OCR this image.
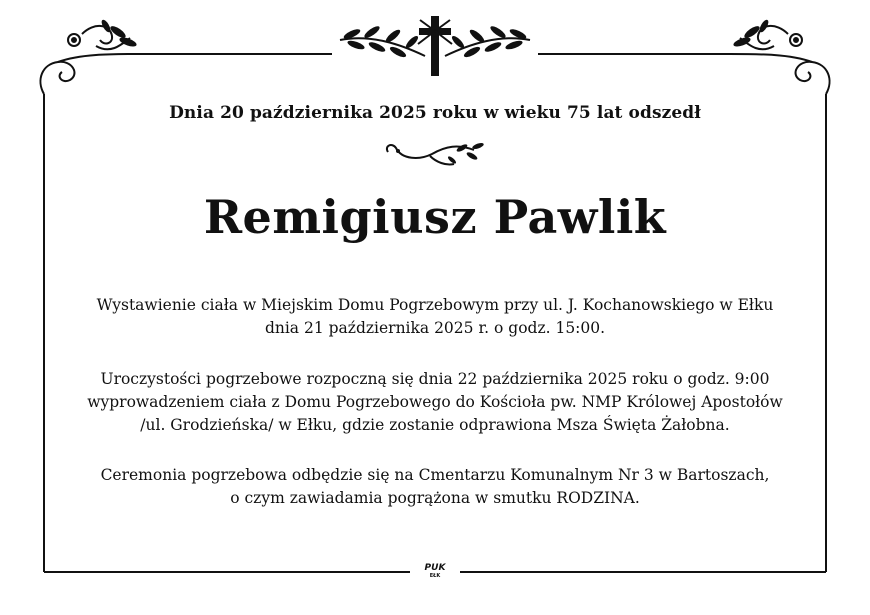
Dnia 20 października 2025 roku w wieku 75 lat odszedł
Remigiusz Pawlik
Wystawienie ciała w Miejskim Domu Pogrzebowym przy ul. J. Kochanowskiego w Ełku
dnia 21 października 2025 r. o godz. 15:00.
Uroczystości pogrzebowe rozpoczną się dnia 22 października 2025 roku o godz. 9:00
wyprowadzeniem ciała z Domu Pogrzebowego do Kościoła pw. NMP Królowej Apostołów
/ul. Grodzieńska/ w Ełku, gdzie zostanie odprawiona Msza Święta Żałobna.
Ceremonia pogrzebowa odbędzie się na Cmentarzu Komunalnym Nr 3 w Bartoszach,
o czym zawiadamia pogrążona w smutku RODZINA.
PUK
EŁK
